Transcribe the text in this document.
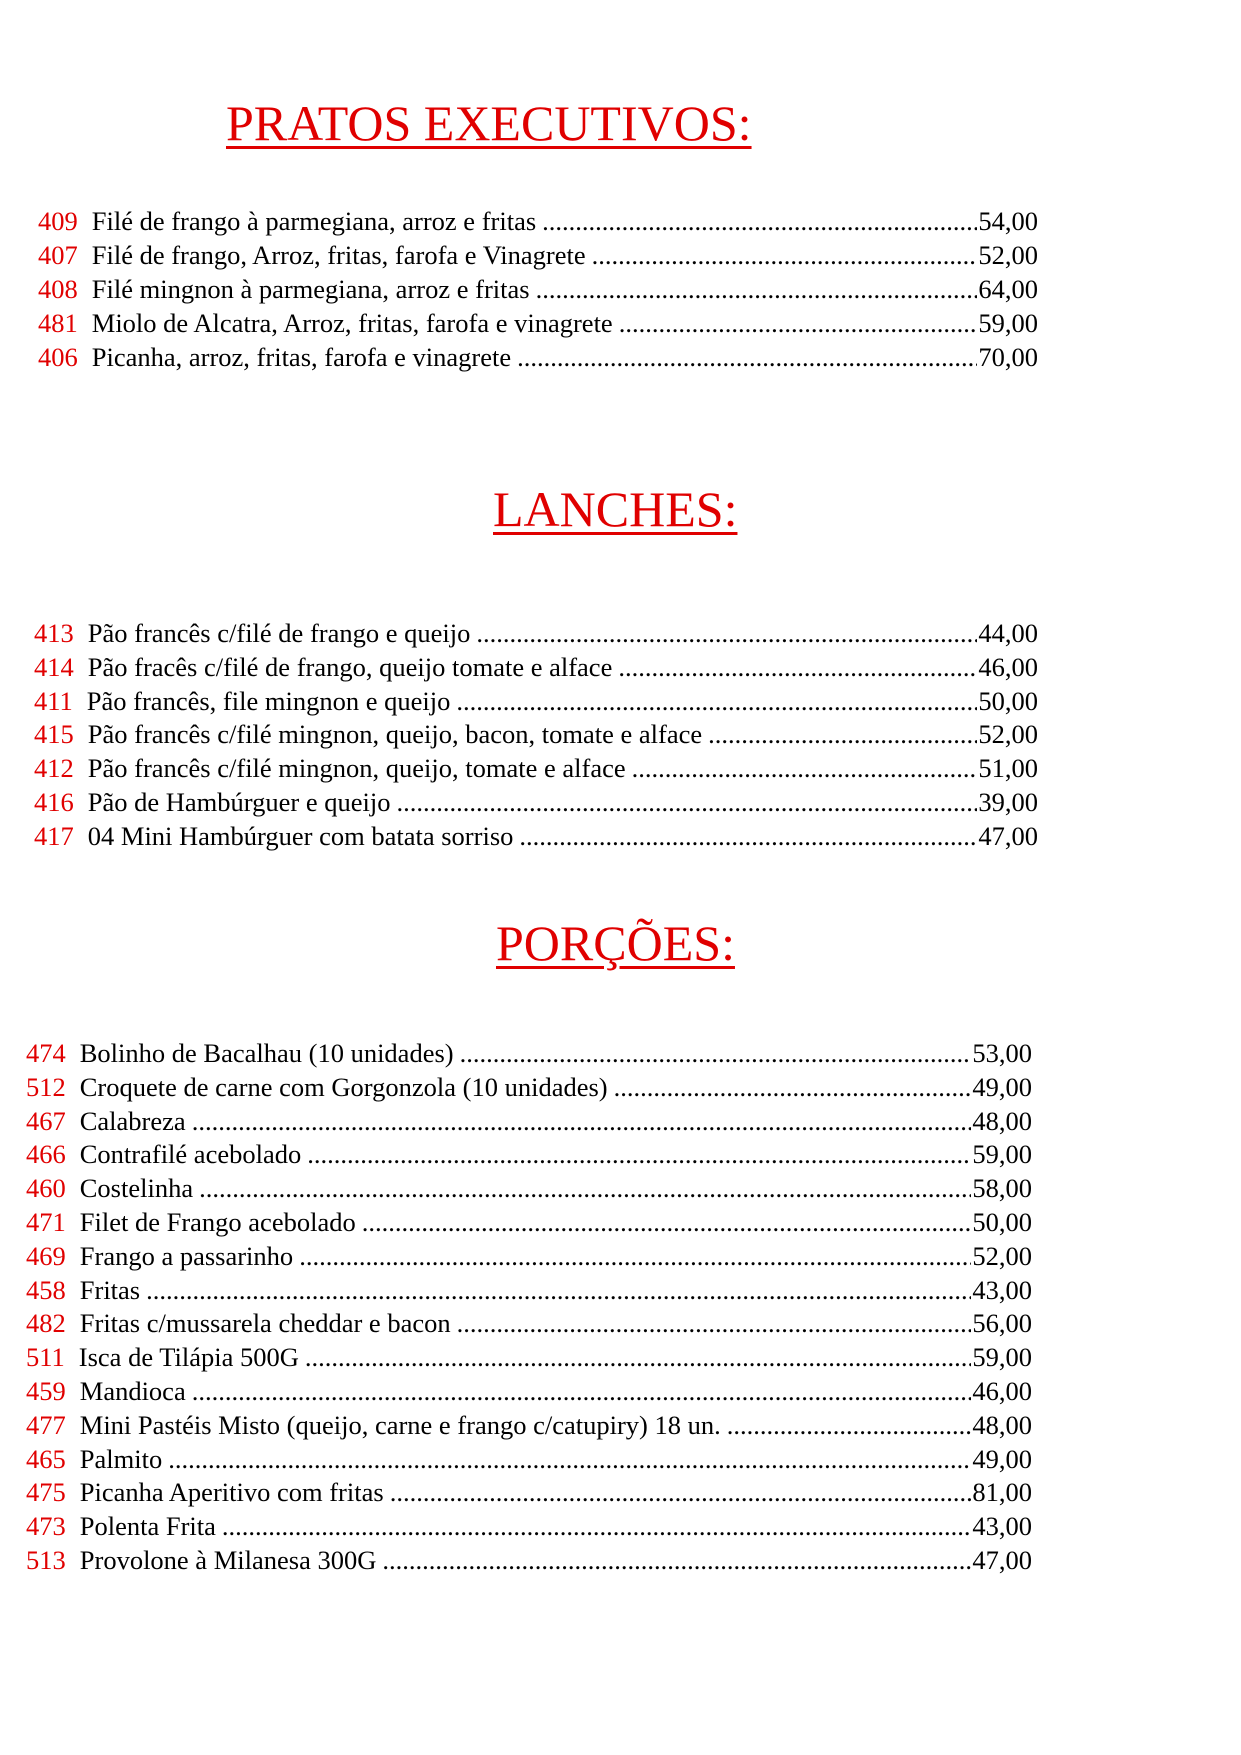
PRATOS EXECUTIVOS:
409 Filé de frango à parmegiana, arroz e fritas .....	54,00
407 Filé de frango, Arroz, fritas, farofa e Vinagrete .....	52,00
408 Filé mingnon à parmegiana, arroz e fritas .....	64,00
481 Miolo de Alcatra, Arroz, fritas, farofa e vinagrete .....	59,00
406 Picanha, arroz, fritas, farofa e vinagrete .....	70,00
LANCHES:
413 Pão francês c/filé de frango e queijo .....	44,00
414 Pão fracês c/filé de frango, queijo tomate e alface .....	46,00
411 Pão francês, file mingnon e queijo .....	50,00
415 Pão francês c/filé mingnon, queijo, bacon, tomate e alface .....	52,00
412 Pão francês c/filé mingnon, queijo, tomate e alface .....	51,00
416 Pão de Hambúrguer e queijo .....	39,00
417 04 Mini Hambúrguer com batata sorriso .....	47,00
PORÇÕES:
474 Bolinho de Bacalhau (10 unidades) .....	53,00
512 Croquete de carne com Gorgonzola (10 unidades) .....	49,00
467 Calabreza .....	48,00
466 Contrafilé acebolado .....	59,00
460 Costelinha .....	58,00
471 Filet de Frango acebolado .....	50,00
469 Frango a passarinho .....	52,00
458 Fritas .....	43,00
482 Fritas c/mussarela cheddar e bacon .....	56,00
511 Isca de Tilápia 500G .....	59,00
459 Mandioca .....	46,00
477 Mini Pastéis Misto (queijo, carne e frango c/catupiry) 18 un. .....	48,00
465 Palmito .....	49,00
475 Picanha Aperitivo com fritas .....	81,00
473 Polenta Frita .....	43,00
513 Provolone à Milanesa 300G .....	47,00
